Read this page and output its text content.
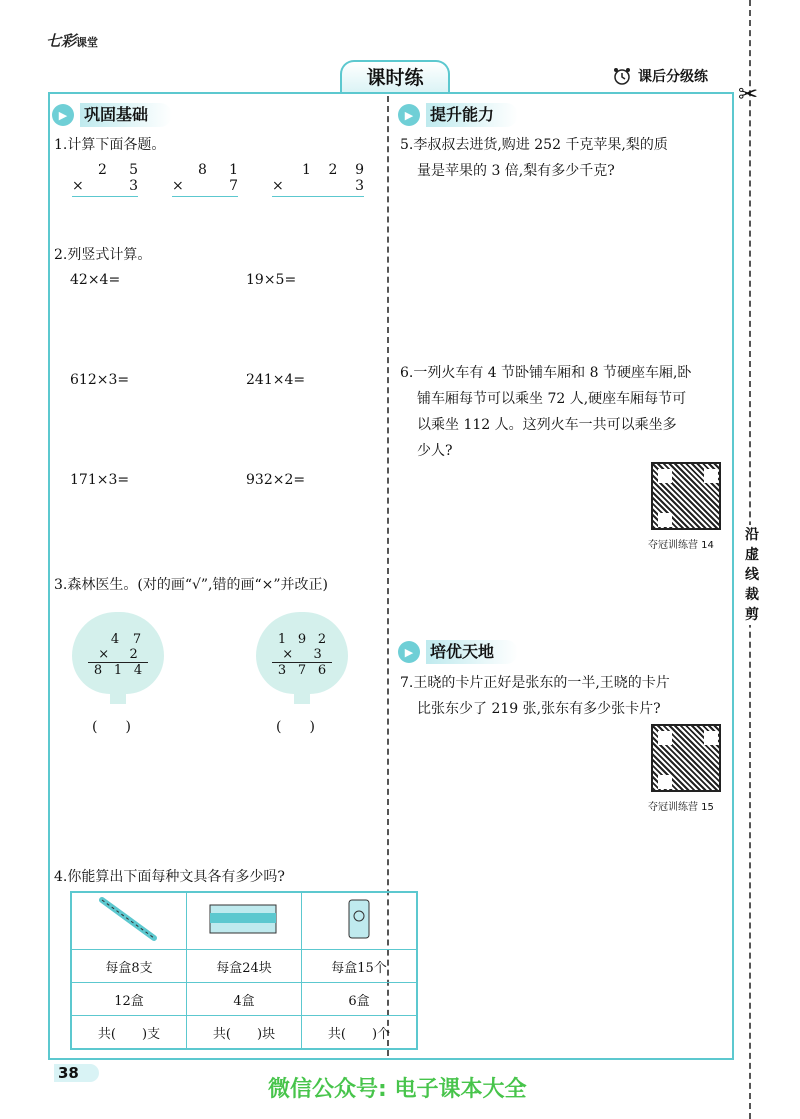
七彩课堂
课时练	课后分级练
✂
沿虚线裁剪
▶	巩固基础
1.计算下面各题。
2 5
×	3
8 1
×	7
1 2 9
×	3
2.列竖式计算。
42×4=	19×5=
612×3=	241×4=
171×3=	932×2=
3.森林医生。(对的画“√”,错的画“×”并改正)
4 7
× 2
8 1 4
(　　)
1 9 2
× 3
3 7 6
(　　)
4.你能算出下面每种文具各有多少吗?

每盒8支	每盒24块	每盒15个
12盒	4盒	6盒
共(　　)支	共(　　)块	共(　　)个
▶	提升能力
5.李叔叔去进货,购进 252 千克苹果,梨的质
量是苹果的 3 倍,梨有多少千克?
6.一列火车有 4 节卧铺车厢和 8 节硬座车厢,卧
铺车厢每节可以乘坐 72 人,硬座车厢每节可
以乘坐 112 人。这列火车一共可以乘坐多
少人?
夺冠训练营 14
▶	培优天地
7.王晓的卡片正好是张东的一半,王晓的卡片
比张东少了 219 张,张东有多少张卡片?
夺冠训练营 15
38
微信公众号: 电子课本大全
